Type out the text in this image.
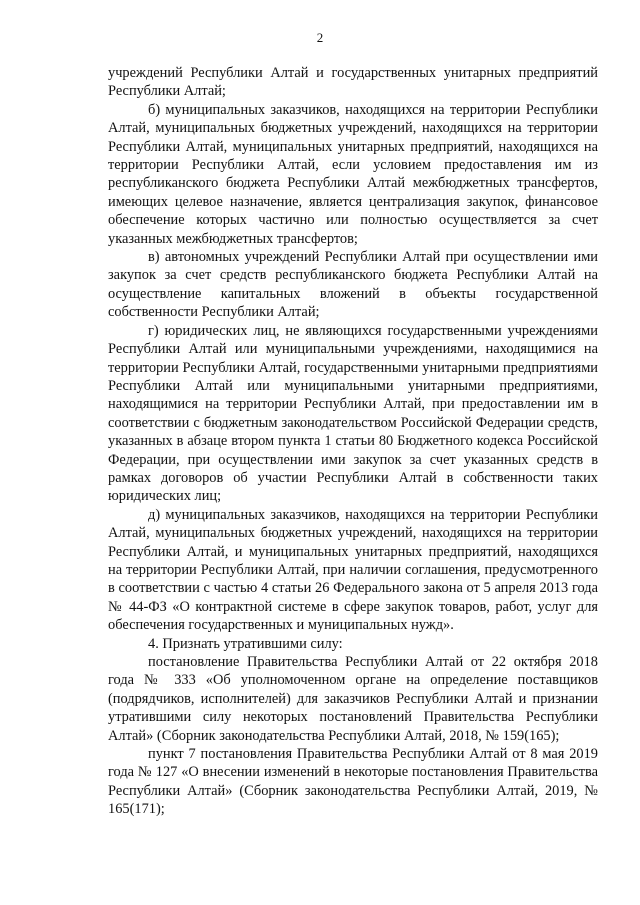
2

учреждений Республики Алтай и государственных унитарных предприятий Республики Алтай;

б) муниципальных заказчиков, находящихся на территории Республики Алтай, муниципальных бюджетных учреждений, находящихся на территории Республики Алтай, муниципальных унитарных предприятий, находящихся на территории Республики Алтай, если условием предоставления им из республиканского бюджета Республики Алтай межбюджетных трансфертов, имеющих целевое назначение, является централизация закупок, финансовое обеспечение которых частично или полностью осуществляется за счет указанных межбюджетных трансфертов;

в) автономных учреждений Республики Алтай при осуществлении ими закупок за счет средств республиканского бюджета Республики Алтай на осуществление капитальных вложений в объекты государственной собственности Республики Алтай;

г) юридических лиц, не являющихся государственными учреждениями Республики Алтай или муниципальными учреждениями, находящимися на территории Республики Алтай, государственными унитарными предприятиями Республики Алтай или муниципальными унитарными предприятиями, находящимися на территории Республики Алтай, при предоставлении им в соответствии с бюджетным законодательством Российской Федерации средств, указанных в абзаце втором пункта 1 статьи 80 Бюджетного кодекса Российской Федерации, при осуществлении ими закупок за счет указанных средств в рамках договоров об участии Республики Алтай в собственности таких юридических лиц;

д) муниципальных заказчиков, находящихся на территории Республики Алтай, муниципальных бюджетных учреждений, находящихся на территории Республики Алтай, и муниципальных унитарных предприятий, находящихся на территории Республики Алтай, при наличии соглашения, предусмотренного в соответствии с частью 4 статьи 26 Федерального закона от 5 апреля 2013 года № 44-ФЗ «О контрактной системе в сфере закупок товаров, работ, услуг для обеспечения государственных и муниципальных нужд».

4. Признать утратившими силу:

постановление Правительства Республики Алтай от 22 октября 2018 года № 333 «Об уполномоченном органе на определение поставщиков (подрядчиков, исполнителей) для заказчиков Республики Алтай и признании утратившими силу некоторых постановлений Правительства Республики Алтай» (Сборник законодательства Республики Алтай, 2018, № 159(165);

пункт 7 постановления Правительства Республики Алтай от 8 мая 2019 года № 127 «О внесении изменений в некоторые постановления Правительства Республики Алтай» (Сборник законодательства Республики Алтай, 2019, № 165(171);
